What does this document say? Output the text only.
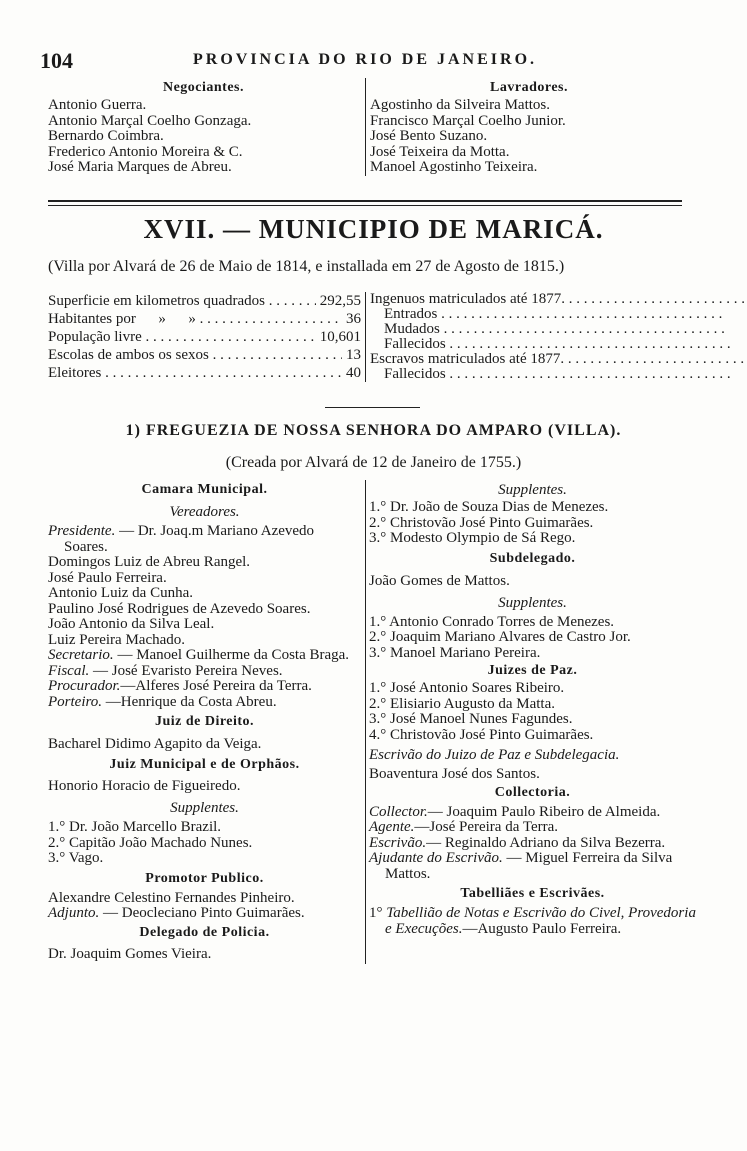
104	PROVINCIA DO RIO DE JANEIRO.
Negociantes.
Antonio Guerra.
Antonio Marçal Coelho Gonzaga.
Bernardo Coimbra.
Frederico Antonio Moreira & C.
José Maria Marques de Abreu.
Lavradores.
Agostinho da Silveira Mattos.
Francisco Marçal Coelho Junior.
José Bento Suzano.
José Teixeira da Motta.
Manoel Agostinho Teixeira.
XVII. — MUNICIPIO DE MARICÁ.
(Villa por Alvará de 26 de Maio de 1814, e installada em 27 de Agosto de 1815.)
Superficie em kilometros quadrados . . .	292,55
Habitantes por      »      » . . .	36
População livre . . .	10,601
Escolas de ambos os sexos . . .	13
Eleitores . . .	40
Ingenuos matriculados até 1877. . . .
Entrados . . .
Mudados . . .
Fallecidos . . .
Escravos matriculados até 1877. . . .
Fallecidos . . .
1) FREGUEZIA DE NOSSA SENHORA DO AMPARO (VILLA).
(Creada por Alvará de 12 de Janeiro de 1755.)
Camara Municipal.
Vereadores.
Presidente. — Dr. Joaq.m Mariano Azevedo Soares.
Domingos Luiz de Abreu Rangel.
José Paulo Ferreira.
Antonio Luiz da Cunha.
Paulino José Rodrigues de Azevedo Soares.
João Antonio da Silva Leal.
Luiz Pereira Machado.
Secretario. — Manoel Guilherme da Costa Braga.
Fiscal. — José Evaristo Pereira Neves.
Procurador.—Alferes José Pereira da Terra.
Porteiro. —Henrique da Costa Abreu.
Juiz de Direito.
Bacharel Didimo Agapito da Veiga.
Juiz Municipal e de Orphãos.
Honorio Horacio de Figueiredo.
Supplentes.
1.° Dr. João Marcello Brazil.
2.° Capitão João Machado Nunes.
3.° Vago.
Promotor Publico.
Alexandre Celestino Fernandes Pinheiro.
Adjunto. — Deocleciano Pinto Guimarães.
Delegado de Policia.
Dr. Joaquim Gomes Vieira.
Supplentes.
1.° Dr. João de Souza Dias de Menezes.
2.° Christovão José Pinto Guimarães.
3.° Modesto Olympio de Sá Rego.
Subdelegado.
João Gomes de Mattos.
Supplentes.
1.° Antonio Conrado Torres de Menezes.
2.° Joaquim Mariano Alvares de Castro Jor.
3.° Manoel Mariano Pereira.
Juizes de Paz.
1.° José Antonio Soares Ribeiro.
2.° Elisiario Augusto da Matta.
3.° José Manoel Nunes Fagundes.
4.° Christovão José Pinto Guimarães.
Escrivão do Juizo de Paz e Subdelegacia.
Boaventura José dos Santos.
Collectoria.
Collector.— Joaquim Paulo Ribeiro de Almeida.
Agente.—José Pereira da Terra.
Escrivão.— Reginaldo Adriano da Silva Bezerra.
Ajudante do Escrivão. — Miguel Ferreira da Silva Mattos.
Tabelliães e Escrivães.
1° Tabellião de Notas e Escrivão do Civel, Provedoria e Execuções.—Augusto Paulo Ferreira.
